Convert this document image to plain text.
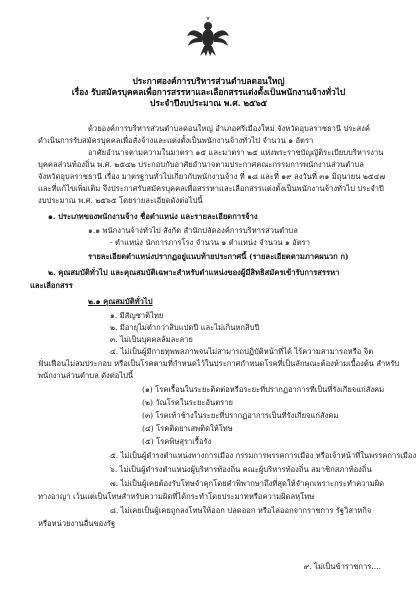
ประกาศองค์การบริหารส่วนตำบลดอนใหญ่
เรื่อง รับสมัครบุคคลเพื่อการสรรหาและเลือกสรรแต่งตั้งเป็นพนักงานจ้างทั่วไป
ประจำปีงบประมาณ พ.ศ. ๒๕๖๕
ด้วยองค์การบริหารส่วนตำบลดอนใหญ่ อำเภอศรีเมืองใหม่ จังหวัดอุบลราชธานี ประสงค์
ดำเนินการรับสมัครบุคคลเพื่อสั่งจ้างและแต่งตั้งเป็นพนักงานจ้างทั่วไป จำนวน ๑ อัตรา
อาศัยอำนาจตามความในมาตรา ๑๕ และมาตรา ๒๕ แห่งพระราชบัญญัติระเบียบบริหารงาน
บุคคลส่วนท้องถิ่น พ.ศ. ๒๕๔๒ ประกอบกับอาศัยอำนาจตามประกาศคณะกรรมการพนักงานส่วนตำบล
จังหวัดอุบลราชธานี เรื่อง มาตรฐานทั่วไปเกี่ยวกับพนักงานจ้าง ที่ ๑๘ และที่ ๑๙ ลงวันที่ ๓๑ มิถุนายน ๒๕๔๗
และที่แก้ไขเพิ่มเติม จึงประกาศรับสมัครบุคคลเพื่อสรรหาและเลือกสรรแต่งตั้งเป็นพนักงานจ้างทั่วไป ประจำปี
งบประมาณ พ.ศ. ๒๕๖๕ โดยรายละเอียดดังต่อไปนี้
๑. ประเภทของพนักงานจ้าง ชื่อตำแหน่ง และรายละเอียดการจ้าง
๑.๑ พนักงานจ้างทั่วไป สังกัด สำนักปลัดองค์การบริหารส่วนตำบล
- ตำแหน่ง นักการภารโรง จำนวน ๑ ตำแหน่ง จำนวน ๑ อัตรา
รายละเอียดตำแหน่งปรากฏอยู่แนบท้ายประกาศนี้ (รายละเอียดตามภาคผนวก ก)
๒. คุณสมบัติทั่วไป และคุณสมบัติเฉพาะสำหรับตำแหน่งของผู้มีสิทธิสมัครเข้ารับการสรรหา
และเลือกสรร
๒.๑ คุณสมบัติทั่วไป
๑. มีสัญชาติไทย
๒. มีอายุไม่ต่ำกว่าสิบแปดปี และไม่เกินหกสิบปี
๓. ไม่เป็นบุคคลล้มละลาย
๔. ไม่เป็นผู้มีกายทุพพลภาพจนไม่สามารถปฏิบัติหน้าที่ได้ ไร้ความสามารถหรือ จิต
ฟั่นเฟือนไม่สมประกอบ หรือเป็นโรคตามที่กำหนดไว้ในประกาศกำหนดโรคที่เป็นลักษณะต้องห้ามเบื้องต้น สำหรับ
พนักงานส่วนตำบล ดังต่อไปนี้
(๑) โรคเรื้อนในระยะติดต่อหรือระยะที่ปรากฏอาการที่เป็นที่รังเกียจแก่สังคม
(๒) วัณโรคในระยะอันตราย
(๓) โรคเท้าช้างในระยะที่ปรากฏอาการเป็นที่รังเกียจแก่สังคม
(๔) โรคติดยาเสพติดให้โทษ
(๕) โรคพิษสุราเรื้อรัง
๕. ไม่เป็นผู้ดำรงตำแหน่งทางการเมือง กรรมการพรรคการเมือง หรือเจ้าหน้าที่ในพรรคการเมือง
๖. ไม่เป็นผู้ดำรงตำแหน่งผู้บริหารท้องถิ่น คณะผู้บริหารท้องถิ่น สมาชิกสภาท้องถิ่น
๗. ไม่เป็นผู้เคยต้องรับโทษจำคุกโดยคำพิพากษาถึงที่สุดให้จำคุกเพราะกระทำความผิด
ทางอาญา เว้นแต่เป็นโทษสำหรับความผิดที่ได้กระทำโดยประมาทหรือความผิดลหุโทษ
๘. ไม่เคยเป็นผู้เคยถูกลงโทษให้ออก ปลดออก หรือไล่ออกจากราชการ รัฐวิสาหกิจ
หรือหน่วยงานอื่นของรัฐ
๙. ไม่เป็นข้าราชการ....
